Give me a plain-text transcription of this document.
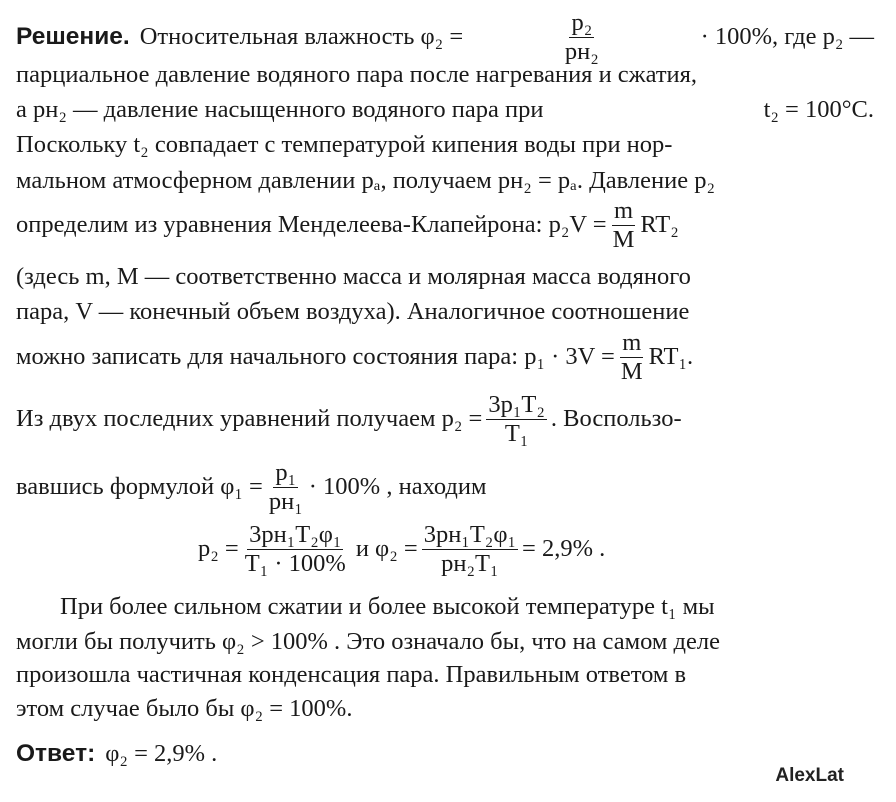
Решение. Относительная влажность φ₂ =	$\frac{\text{p₂}}{\text{pн₂}}$	· 100%, где p₂ —
парциальное давление водяного пара после нагревания и сжатия,
а pн₂ — давление насыщенного водяного пара при	t₂ = 100°C.
Поскольку t₂ совпадает с температурой кипения воды при нор-
мальном атмосферном давлении pₐ, получаем pн₂ = pₐ. Давление p₂
определим из уравнения Менделеева-Клапейрона: $p_2V = \frac{m}{M} RT_2$
(здесь m, M — соответственно масса и молярная масса водяного
пара, V — конечный объем воздуха). Аналогичное соотношение
можно записать для начального состояния пара: $p_1 \cdot 3V = \frac{m}{M} RT_1$.
Из двух последних уравнений получаем $p_2 = \frac{\text{3p₁T₂}}{\text{T₁}}$ . Воспользо-
вавшись формулой $\varphi_1 = \frac{\text{p₁}}{\text{pн₁}} \cdot 100\%$ , находим
$p_2 = \frac{\text{3pн₁T₂φ₁}}{\text{T₁ · 100\%}}$ и $\varphi_2 = \frac{\text{3pн₁T₂φ₁}}{\text{pн₂T₁}} = 2,9\%$ .
При более сильном сжатии и более высокой температуре t₁ мы
могли бы получить φ₂ > 100% . Это означало бы, что на самом деле
произошла частичная конденсация пара. Правильным ответом в
этом случае было бы φ₂ = 100%.
Ответ: φ₂ = 2,9% .
AlexLat
